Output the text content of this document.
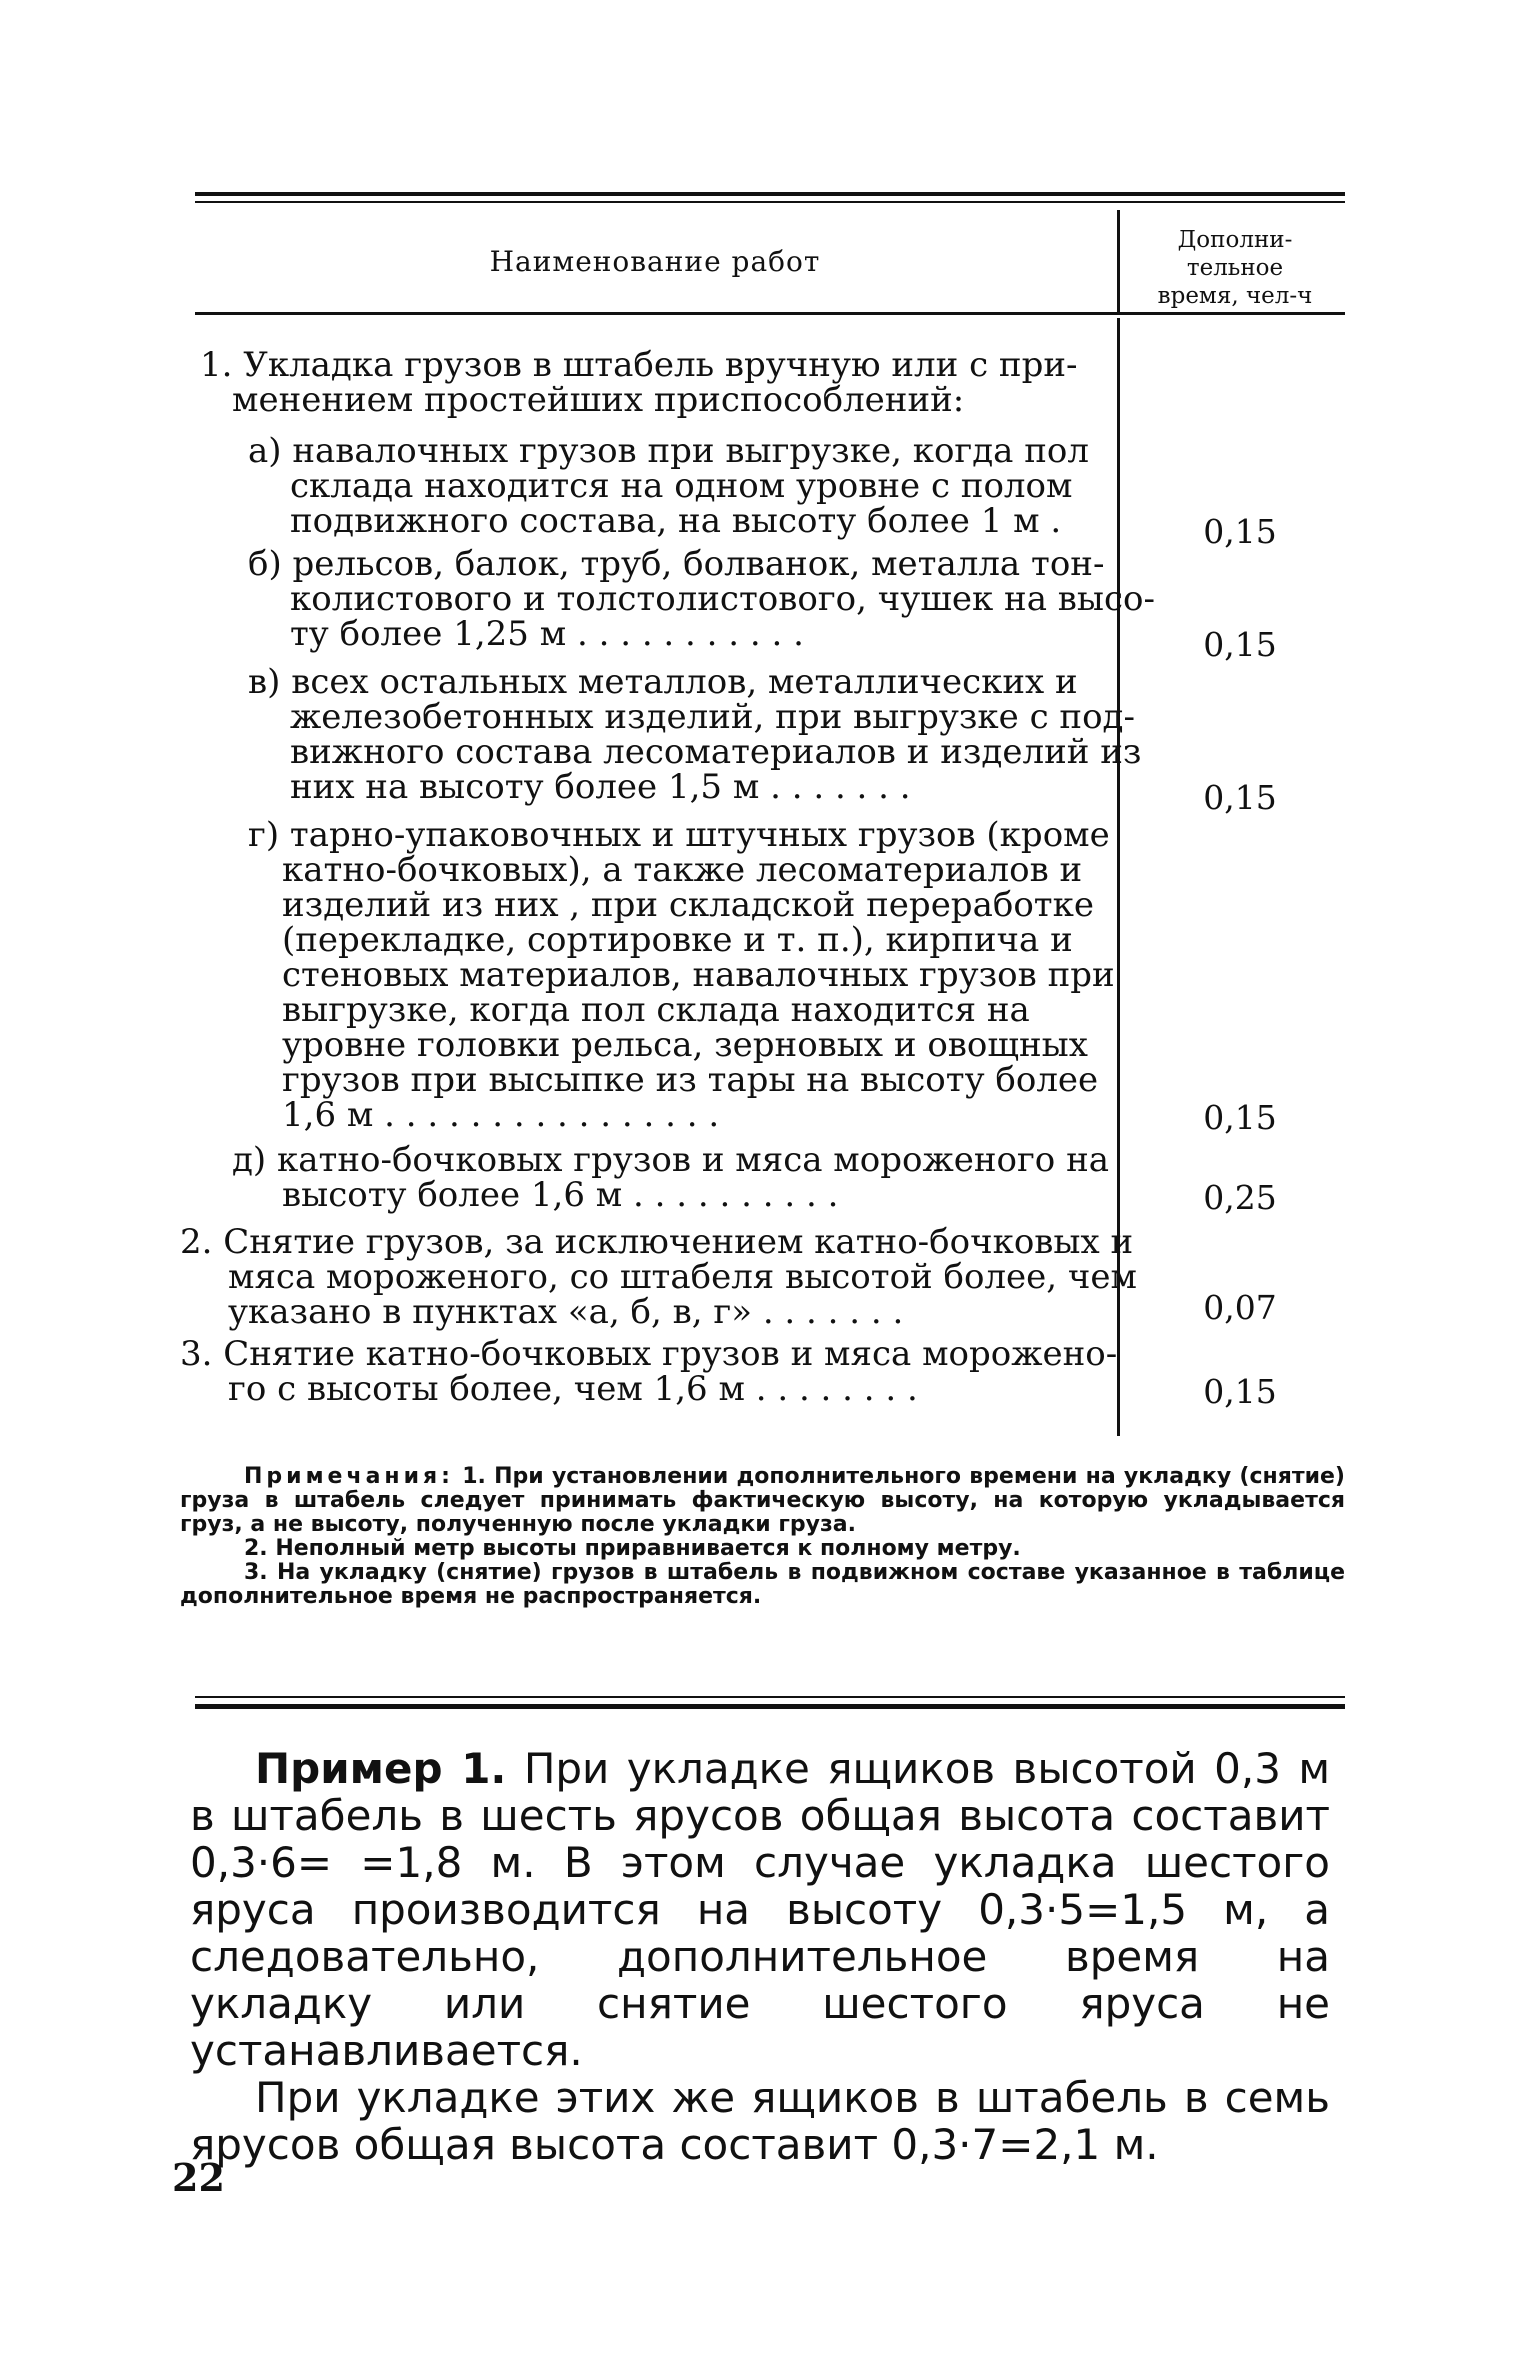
Наименование работ
Дополни-
тельное
время, чел-ч
1. Укладка грузов в штабель вручную или с при-
менением простейших приспособлений:
а) навалочных грузов при выгрузке, когда пол
склада находится на одном уровне с полом
подвижного состава, на высоту более 1 м .
б) рельсов, балок, труб, болванок, металла тон-
колистового и толстолистового, чушек на высо-
ту более 1,25 м . . . . . . . . . . .
в) всех остальных металлов, металлических и
железобетонных изделий, при выгрузке с под-
вижного состава лесоматериалов и изделий из
них на высоту более 1,5 м . . . . . . .
г) тарно-упаковочных и штучных грузов (кроме
катно-бочковых), а также лесоматериалов и
изделий из них , при складской переработке
(перекладке, сортировке и т. п.), кирпича и
стеновых материалов, навалочных грузов при
выгрузке, когда пол склада находится на
уровне головки рельса, зерновых и овощных
грузов при высыпке из тары на высоту более
1,6 м . . . . . . . . . . . . . . . .
д) катно-бочковых грузов и мяса мороженого на
высоту более 1,6 м . . . . . . . . . .
2. Снятие грузов, за исключением катно-бочковых и
мяса мороженого, со штабеля высотой более, чем
указано в пунктах «а, б, в, г» . . . . . . .
3. Снятие катно-бочковых грузов и мяса морожено-
го с высоты более, чем 1,6 м . . . . . . . .
0,15
0,15
0,15
0,15
0,25
0,07
0,15

Примечания: 1. При установлении дополнительного времени на укладку (снятие) груза в штабель следует принимать фактическую высоту, на которую укладывается груз, а не высоту, полученную после укладки груза.

2. Неполный метр высоты приравнивается к полному метру.

3. На укладку (снятие) грузов в штабель в подвижном составе указанное в таблице дополнительное время не распространяется.

Пример 1. При укладке ящиков высотой 0,3 м в штабель в шесть ярусов общая высота составит 0,3·6= =1,8 м. В этом случае укладка шестого яруса производится на высоту 0,3·5=1,5 м, а следовательно, дополнительное время на укладку или снятие шестого яруса не устанавливается.

При укладке этих же ящиков в штабель в семь ярусов общая высота составит 0,3·7=2,1 м.

22
